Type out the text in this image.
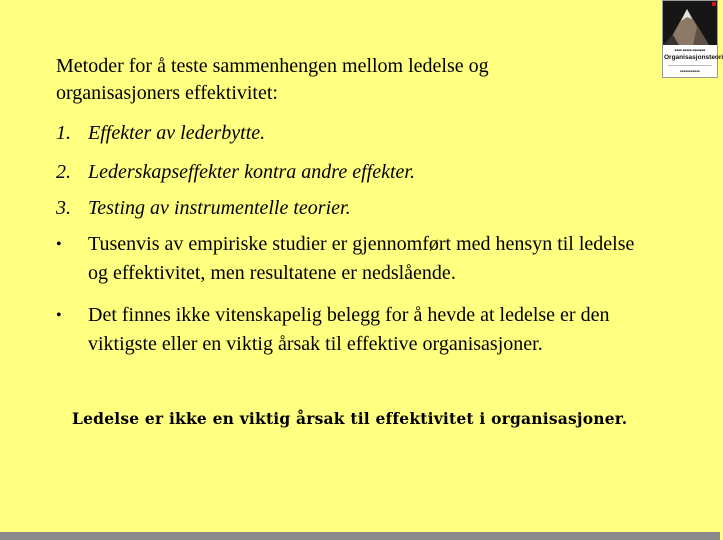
■■■■ ■■■■■ ■■■■■■■
Organisasjonsteori
■■■■■■■■■■■

Metoder for å teste sammenhengen mellom ledelse og organisasjoners effektivitet:

1. Effekter av lederbytte.
2. Lederskapseffekter kontra andre effekter.
3. Testing av instrumentelle teorier.
• Tusenvis av empiriske studier er gjennomført med hensyn til ledelse og effektivitet, men resultatene er nedslående.
• Det finnes ikke vitenskapelig belegg for å hevde at ledelse er den viktigste eller en viktig årsak til effektive organisasjoner.
Ledelse er ikke en viktig årsak til effektivitet i organisasjoner.
